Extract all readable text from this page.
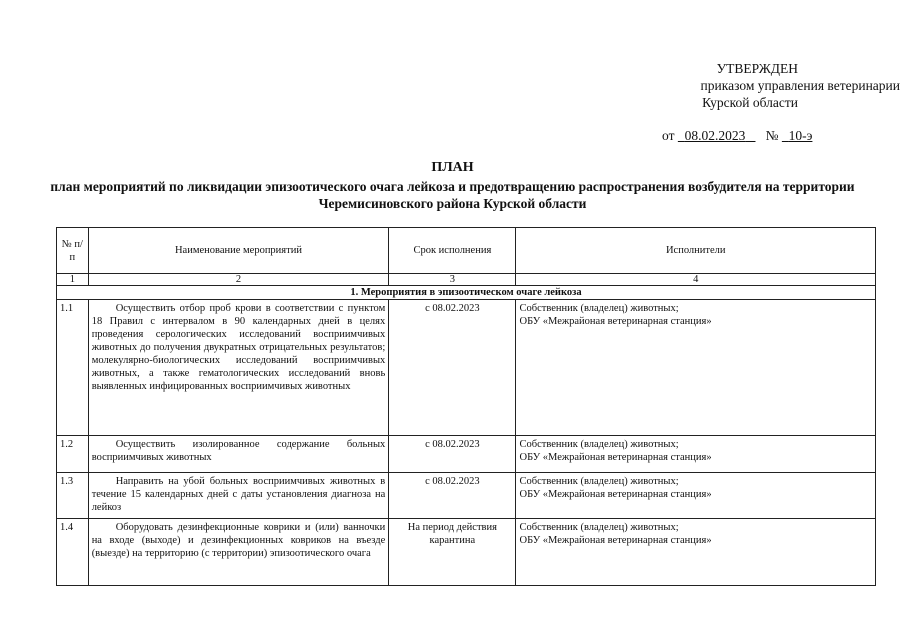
УТВЕРЖДЕН
приказом управления ветеринарии
Курской области
от 08.02.2023 № 10-э
ПЛАН
план мероприятий по ликвидации эпизоотического очага лейкоза и предотвращению распространения возбудителя на территории Черемисиновского района Курской области
№ п/п	Наименование мероприятий	Срок исполнения	Исполнители
1	2	3	4
1. Мероприятия в эпизоотическом очаге лейкоза			
1.1	Осуществить отбор проб крови в соответствии с пунктом 18 Правил с интервалом в 90 календарных дней в целях проведения серологических исследований восприимчивых животных до получения двукратных отрицательных результатов; молекулярно-биологических исследований восприимчивых животных, а также гематологических исследований вновь выявленных инфицированных восприимчивых животных	с 08.02.2023	Собственник (владелец) животных;
ОБУ «Межрайоная ветеринарная станция»

1.2	Осуществить изолированное содержание больных восприимчивых животных	с 08.02.2023	Собственник (владелец) животных;
ОБУ «Межрайоная ветеринарная станция»

1.3	Направить на убой больных восприимчивых животных в течение 15 календарных дней с даты установления диагноза на лейкоз	с 08.02.2023	Собственник (владелец) животных;
ОБУ «Межрайоная ветеринарная станция»

1.4	Оборудовать дезинфекционные коврики и (или) ванночки на входе (выходе) и дезинфекционных ковриков на въезде (выезде) на территорию (с территории) эпизоотического очага	На период действия карантина	Собственник (владелец) животных;
ОБУ «Межрайоная ветеринарная станция»
